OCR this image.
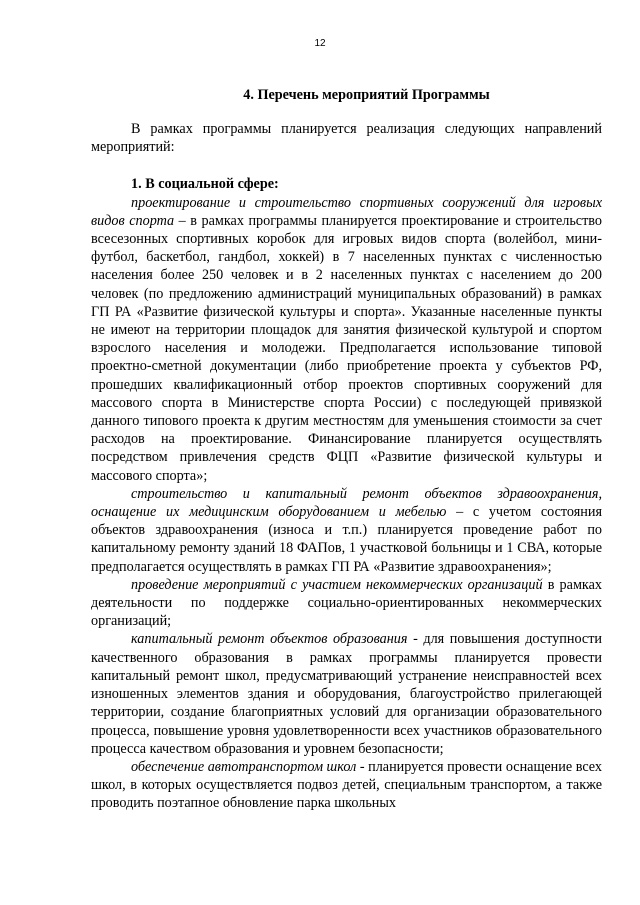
12
4. Перечень мероприятий Программы

В рамках программы планируется реализация следующих направлений мероприятий:

1. В социальной сфере:

проектирование и строительство спортивных сооружений для игровых видов спорта – в рамках программы планируется проектирование и строительство всесезонных спортивных коробок для игровых видов спорта (волейбол, мини-футбол, баскетбол, гандбол, хоккей) в 7 населенных пунктах с численностью населения более 250 человек и в 2 населенных пунктах с населением до 200 человек (по предложению администраций муниципальных образований) в рамках ГП РА «Развитие физической культуры и спорта». Указанные населенные пункты не имеют на территории площадок для занятия физической культурой и спортом взрослого населения и молодежи. Предполагается использование типовой проектно-сметной документации (либо приобретение проекта у субъектов РФ, прошедших квалификационный отбор проектов спортивных сооружений для массового спорта в Министерстве спорта России) с последующей привязкой данного типового проекта к другим местностям для уменьшения стоимости за счет расходов на проектирование. Финансирование планируется осуществлять посредством привлечения средств ФЦП «Развитие физической культуры и массового спорта»;

строительство и капитальный ремонт объектов здравоохранения, оснащение их медицинским оборудованием и мебелью – с учетом состояния объектов здравоохранения (износа и т.п.) планируется проведение работ по капитальному ремонту зданий 18 ФАПов, 1 участковой больницы и 1 СВА, которые предполагается осуществлять в рамках ГП РА «Развитие здравоохранения»;

проведение мероприятий с участием некоммерческих организаций в рамках деятельности по поддержке социально-ориентированных некоммерческих организаций;

капитальный ремонт объектов образования - для повышения доступности качественного образования в рамках программы планируется провести капитальный ремонт школ, предусматривающий устранение неисправностей всех изношенных элементов здания и оборудования, благоустройство прилегающей территории, создание благоприятных условий для организации образовательного процесса, повышение уровня удовлетворенности всех участников образовательного процесса качеством образования и уровнем безопасности;

обеспечение автотранспортом школ - планируется провести оснащение всех школ, в которых осуществляется подвоз детей, специальным транспортом, а также проводить поэтапное обновление парка школьных
